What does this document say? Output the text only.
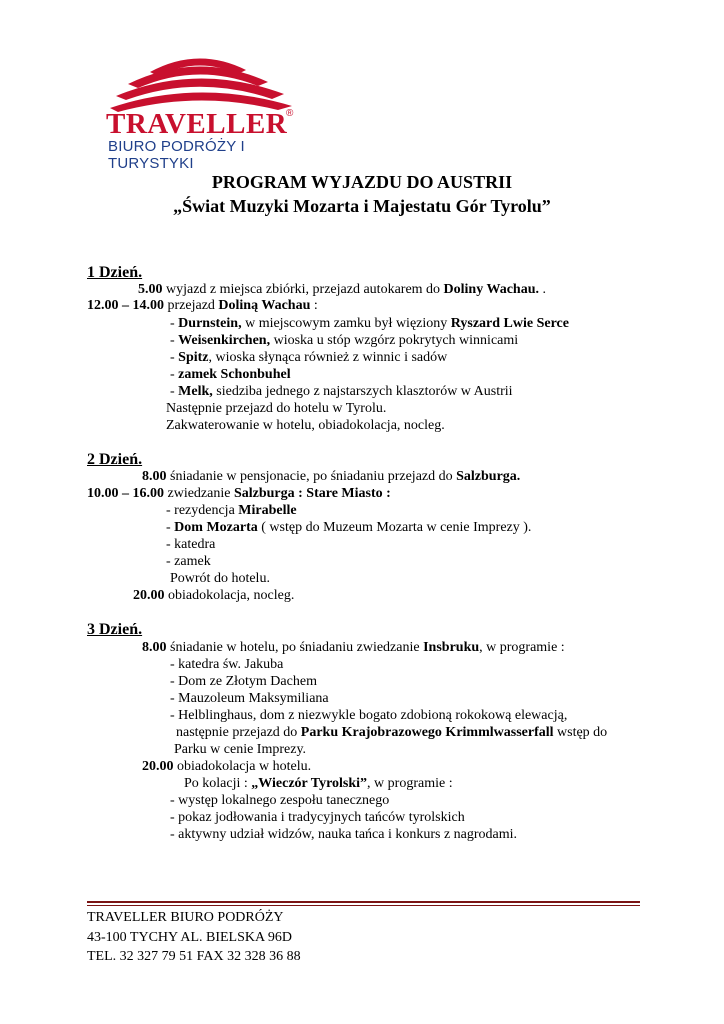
TRAVELLER
®
BIURO PODRÓŻY I TURYSTYKI
PROGRAM WYJAZDU DO AUSTRII
„Świat Muzyki Mozarta i Majestatu Gór Tyrolu”
1 Dzień.
5.00 wyjazd z miejsca zbiórki, przejazd autokarem do Doliny Wachau. .
12.00 – 14.00 przejazd Doliną Wachau :
- Durnstein, w miejscowym zamku był więziony Ryszard Lwie Serce
- Weisenkirchen, wioska u stóp wzgórz pokrytych winnicami
- Spitz, wioska słynąca również z winnic i sadów
- zamek Schonbuhel
- Melk, siedziba jednego z najstarszych klasztorów w Austrii
Następnie przejazd do hotelu w Tyrolu.
Zakwaterowanie w hotelu, obiadokolacja, nocleg.
2 Dzień.
8.00 śniadanie w pensjonacie, po śniadaniu przejazd do Salzburga.
10.00 – 16.00 zwiedzanie Salzburga : Stare Miasto :
- rezydencja Mirabelle
- Dom Mozarta ( wstęp do Muzeum Mozarta w cenie Imprezy ).
- katedra
- zamek
Powrót do hotelu.
20.00 obiadokolacja, nocleg.
3 Dzień.
8.00 śniadanie w hotelu, po śniadaniu zwiedzanie Insbruku, w programie :
- katedra św. Jakuba
- Dom ze Złotym Dachem
- Mauzoleum Maksymiliana
- Helblinghaus, dom z niezwykle bogato zdobioną rokokową elewacją,
następnie przejazd do Parku Krajobrazowego Krimmlwasserfall wstęp do
Parku w cenie Imprezy.
20.00 obiadokolacja w hotelu.
Po kolacji : „Wieczór Tyrolski”, w programie :
- występ lokalnego zespołu tanecznego
- pokaz jodłowania i tradycyjnych tańców tyrolskich
- aktywny udział widzów, nauka tańca i konkurs z nagrodami.
TRAVELLER BIURO PODRÓŻY
43-100 TYCHY AL. BIELSKA 96D
TEL. 32 327 79 51 FAX 32 328 36 88
